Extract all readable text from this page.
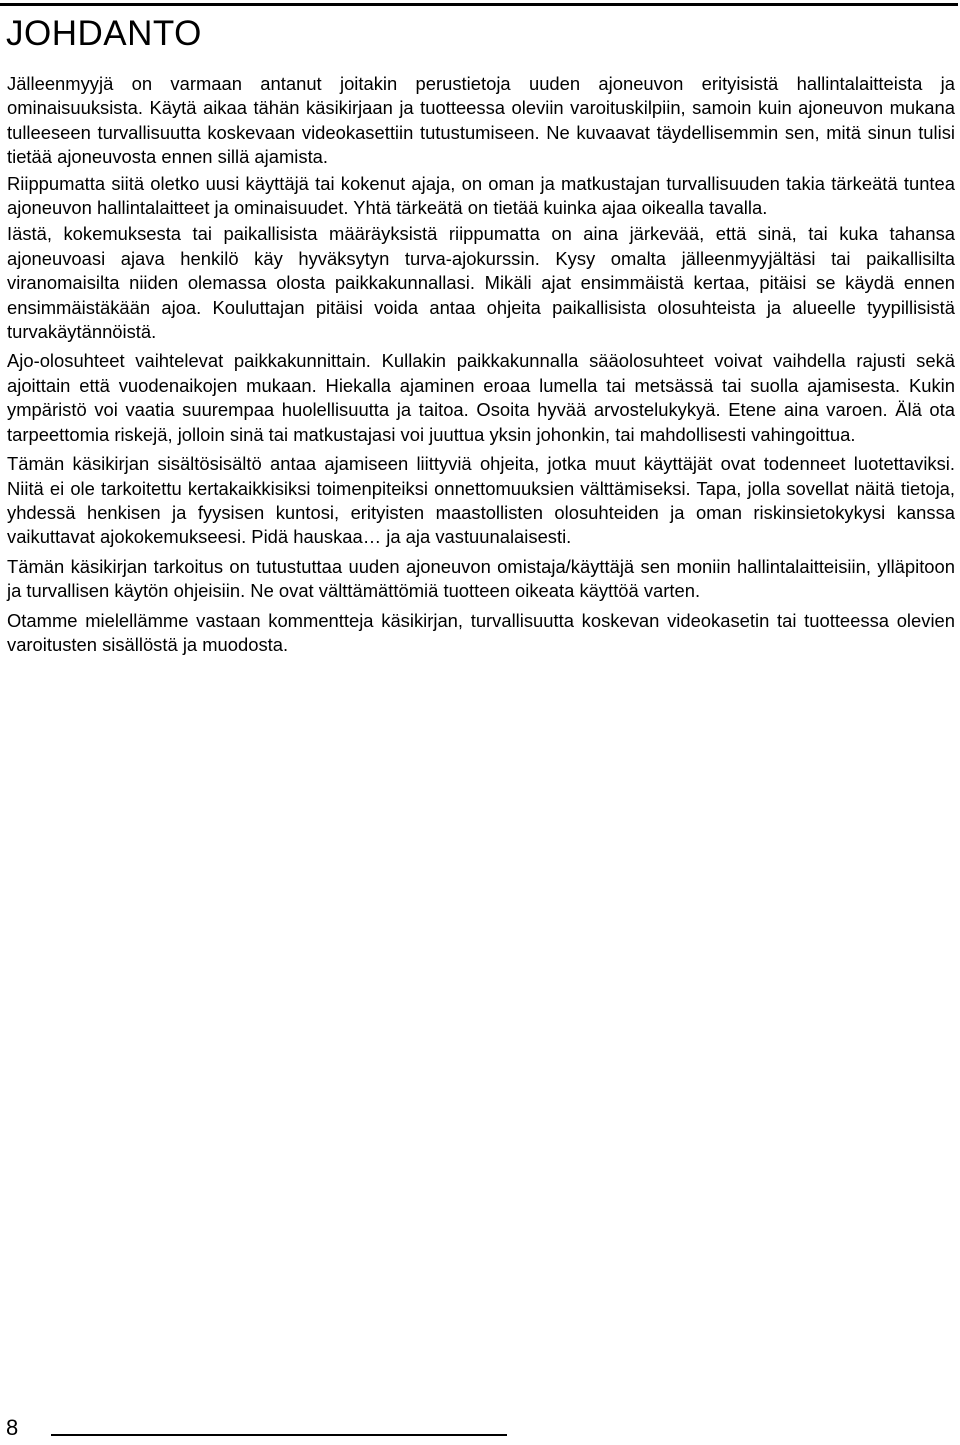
JOHDANTO

Jälleenmyyjä on varmaan antanut joitakin perustietoja uuden ajoneuvon erityisistä hallintalaitteista ja ominaisuuksista. Käytä aikaa tähän käsikirjaan ja tuotteessa oleviin varoituskilpiin, samoin kuin ajoneuvon mukana tulleeseen turvallisuutta koskevaan videokasettiin tutustumiseen. Ne kuvaavat täydellisemmin sen, mitä sinun tulisi tietää ajoneuvosta ennen sillä ajamista.

Riippumatta siitä oletko uusi käyttäjä tai kokenut ajaja, on oman ja matkustajan turvallisuuden takia tärkeätä tuntea ajoneuvon hallintalaitteet ja ominaisuudet. Yhtä tärkeätä on tietää kuinka ajaa oikealla tavalla.

Iästä, kokemuksesta tai paikallisista määräyksistä riippumatta on aina järkevää, että sinä, tai kuka tahansa ajoneuvoasi ajava henkilö käy hyväksytyn turva-ajokurssin. Kysy omalta jälleenmyyjältäsi tai paikallisilta viranomaisilta niiden olemassa olosta paikkakunnallasi. Mikäli ajat ensimmäistä kertaa, pitäisi se käydä ennen ensimmäistäkään ajoa. Kouluttajan pitäisi voida antaa ohjeita paikallisista olosuhteista ja alueelle tyypillisistä turvakäytännöistä.

Ajo-olosuhteet vaihtelevat paikkakunnittain. Kullakin paikkakunnalla sääolosuhteet voivat vaihdella rajusti sekä ajoittain että vuodenaikojen mukaan. Hiekalla ajaminen eroaa lumella tai metsässä tai suolla ajamisesta. Kukin ympäristö voi vaatia suurempaa huolellisuutta ja taitoa. Osoita hyvää arvostelukykyä. Etene aina varoen. Älä ota tarpeettomia riskejä, jolloin sinä tai matkustajasi voi juuttua yksin johonkin, tai mahdollisesti vahingoittua.

Tämän käsikirjan sisältösisältö antaa ajamiseen liittyviä ohjeita, jotka muut käyttäjät ovat todenneet luotettaviksi. Niitä ei ole tarkoitettu kertakaikkisiksi toimenpiteiksi onnettomuuksien välttämiseksi. Tapa, jolla sovellat näitä tietoja, yhdessä henkisen ja fyysisen kuntosi, erityisten maastollisten olosuhteiden ja oman riskinsietokykysi kanssa vaikuttavat ajokokemukseesi. Pidä hauskaa… ja aja vastuunalaisesti.

Tämän käsikirjan tarkoitus on tutustuttaa uuden ajoneuvon omistaja/käyttäjä sen moniin hallintalaitteisiin, ylläpitoon ja turvallisen käytön ohjeisiin. Ne ovat välttämättömiä tuotteen oikeata käyttöä varten.

Otamme mielellämme vastaan kommentteja käsikirjan, turvallisuutta koskevan videokasetin tai tuotteessa olevien varoitusten sisällöstä ja muodosta.

8
